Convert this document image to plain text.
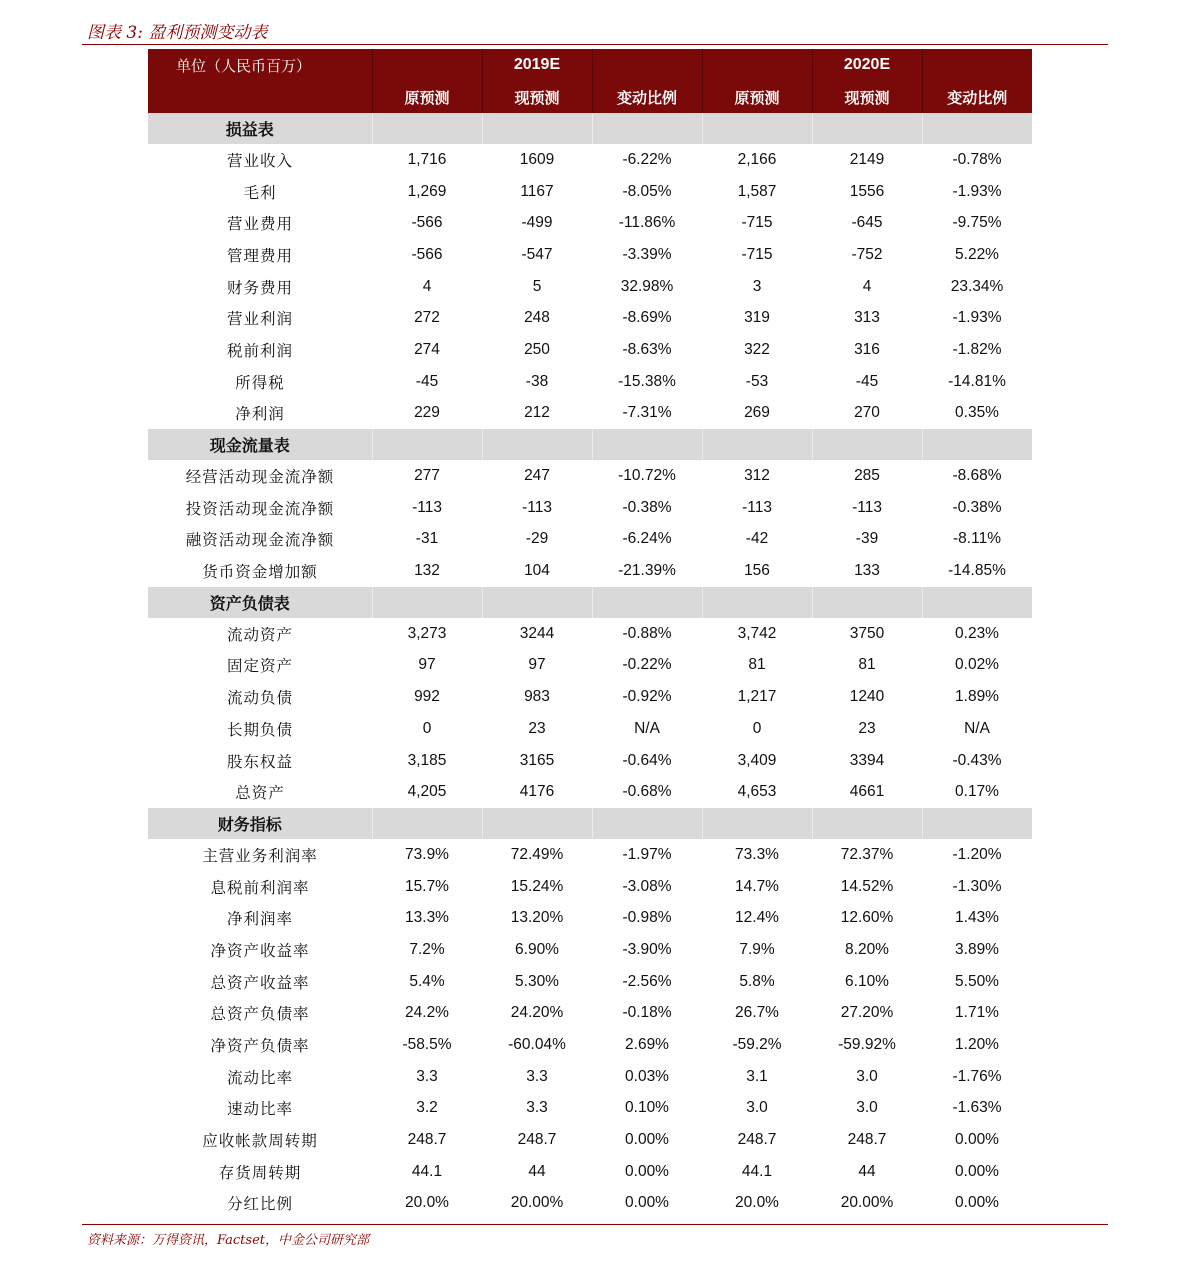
图表 3: 盈利预测变动表
单位（人民币百万）		2019E			2020E	
	原预测	现预测	变动比例	原预测	现预测	变动比例
损益表						
营业收入	1,716	1609	-6.22%	2,166	2149	-0.78%
毛利	1,269	1167	-8.05%	1,587	1556	-1.93%
营业费用	-566	-499	-11.86%	-715	-645	-9.75%
管理费用	-566	-547	-3.39%	-715	-752	5.22%
财务费用	4	5	32.98%	3	4	23.34%
营业利润	272	248	-8.69%	319	313	-1.93%
税前利润	274	250	-8.63%	322	316	-1.82%
所得税	-45	-38	-15.38%	-53	-45	-14.81%
净利润	229	212	-7.31%	269	270	0.35%
现金流量表						
经营活动现金流净额	277	247	-10.72%	312	285	-8.68%
投资活动现金流净额	-113	-113	-0.38%	-113	-113	-0.38%
融资活动现金流净额	-31	-29	-6.24%	-42	-39	-8.11%
货币资金增加额	132	104	-21.39%	156	133	-14.85%
资产负债表						
流动资产	3,273	3244	-0.88%	3,742	3750	0.23%
固定资产	97	97	-0.22%	81	81	0.02%
流动负债	992	983	-0.92%	1,217	1240	1.89%
长期负债	0	23	N/A	0	23	N/A
股东权益	3,185	3165	-0.64%	3,409	3394	-0.43%
总资产	4,205	4176	-0.68%	4,653	4661	0.17%
财务指标						
主营业务利润率	73.9%	72.49%	-1.97%	73.3%	72.37%	-1.20%
息税前利润率	15.7%	15.24%	-3.08%	14.7%	14.52%	-1.30%
净利润率	13.3%	13.20%	-0.98%	12.4%	12.60%	1.43%
净资产收益率	7.2%	6.90%	-3.90%	7.9%	8.20%	3.89%
总资产收益率	5.4%	5.30%	-2.56%	5.8%	6.10%	5.50%
总资产负债率	24.2%	24.20%	-0.18%	26.7%	27.20%	1.71%
净资产负债率	-58.5%	-60.04%	2.69%	-59.2%	-59.92%	1.20%
流动比率	3.3	3.3	0.03%	3.1	3.0	-1.76%
速动比率	3.2	3.3	0.10%	3.0	3.0	-1.63%
应收帐款周转期	248.7	248.7	0.00%	248.7	248.7	0.00%
存货周转期	44.1	44	0.00%	44.1	44	0.00%
分红比例	20.0%	20.00%	0.00%	20.0%	20.00%	0.00%
资料来源：万得资讯，Factset，中金公司研究部
